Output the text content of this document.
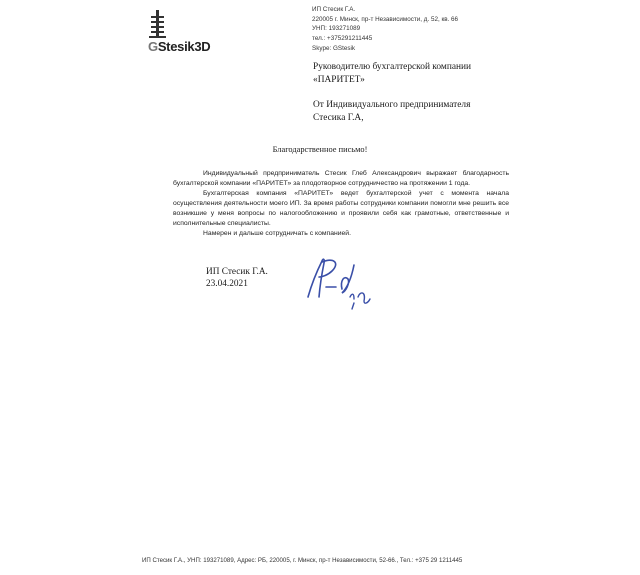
GStesik3D
ИП Стесик Г.А.
220005 г. Минск, пр-т Независимости, д. 52, кв. 66
УНП: 193271089
тел.: +375291211445
Skype: GStesik
Руководителю бухгалтерской компании
«ПАРИТЕТ»
От Индивидуального предпринимателя
Стесика Г.А,
Благодарственное письмо!

Индивидуальный предприниматель Стесик Глеб Александрович выражает благодарность бухгалтерской компании «ПАРИТЕТ» за плодотворное сотрудничество на протяжении 1 года.

Бухгалтерская компания «ПАРИТЕТ» ведет бухгалтерской учет с момента начала осуществления деятельности моего ИП. За время работы сотрудники компании помогли мне решить все возникшие у меня вопросы по налогообложению и проявили себя как грамотные, ответственные и исполнительные специалисты.

Намерен и дальше сотрудничать с компанией.

ИП Стесик Г.А.
23.04.2021
ИП Стесик Г.А., УНП: 193271089, Адрес: РБ, 220005, г. Минск, пр-т Независимости, 52-66., Тел.: +375 29 1211445
